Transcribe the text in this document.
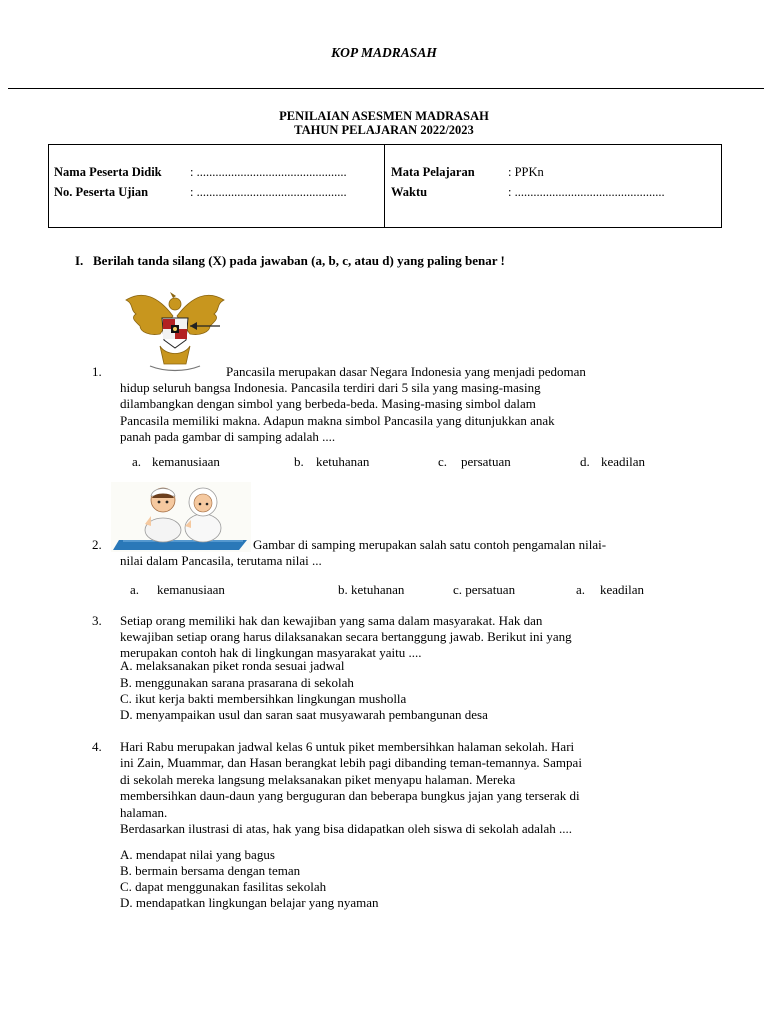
KOP MADRASAH
PENILAIAN ASESMEN MADRASAH
TAHUN PELAJARAN 2022/2023
Nama Peserta Didik : ................................................
No. Peserta Ujian	: ................................................
Mata Pelajaran	: PPKn
Waktu	: ................................................
I. Berilah tanda silang (X) pada jawaban (a, b, c, atau d) yang paling benar !
1.	Pancasila merupakan dasar Negara Indonesia yang menjadi pedoman
hidup seluruh bangsa Indonesia. Pancasila terdiri dari 5 sila yang masing-masing
dilambangkan dengan simbol yang berbeda-beda. Masing-masing simbol dalam
Pancasila memiliki makna. Adapun makna simbol Pancasila yang ditunjukkan anak
panah pada gambar di samping adalah ....
a. kemanusiaan	b. ketuhanan	c. persatuan	d. keadilan
2.	Gambar di samping merupakan salah satu contoh pengamalan nilai-
nilai dalam Pancasila, terutama nilai ...
a. kemanusiaan	b. ketuhanan	c. persatuan	a. keadilan
3. Setiap orang memiliki hak dan kewajiban yang sama dalam masyarakat. Hak dan
kewajiban setiap orang harus dilaksanakan secara bertanggung jawab. Berikut ini yang
merupakan contoh hak di lingkungan masyarakat yaitu ....
A. melaksanakan piket ronda sesuai jadwal
B. menggunakan sarana prasarana di sekolah
C. ikut kerja bakti membersihkan lingkungan musholla
D. menyampaikan usul dan saran saat musyawarah pembangunan desa
4. Hari Rabu merupakan jadwal kelas 6 untuk piket membersihkan halaman sekolah. Hari
ini Zain, Muammar, dan Hasan berangkat lebih pagi dibanding teman-temannya. Sampai
di sekolah mereka langsung melaksanakan piket menyapu halaman. Mereka
membersihkan daun-daun yang berguguran dan beberapa bungkus jajan yang terserak di
halaman.
Berdasarkan ilustrasi di atas, hak yang bisa didapatkan oleh siswa di sekolah adalah ....
A. mendapat nilai yang bagus
B. bermain bersama dengan teman
C. dapat menggunakan fasilitas sekolah
D. mendapatkan lingkungan belajar yang nyaman
